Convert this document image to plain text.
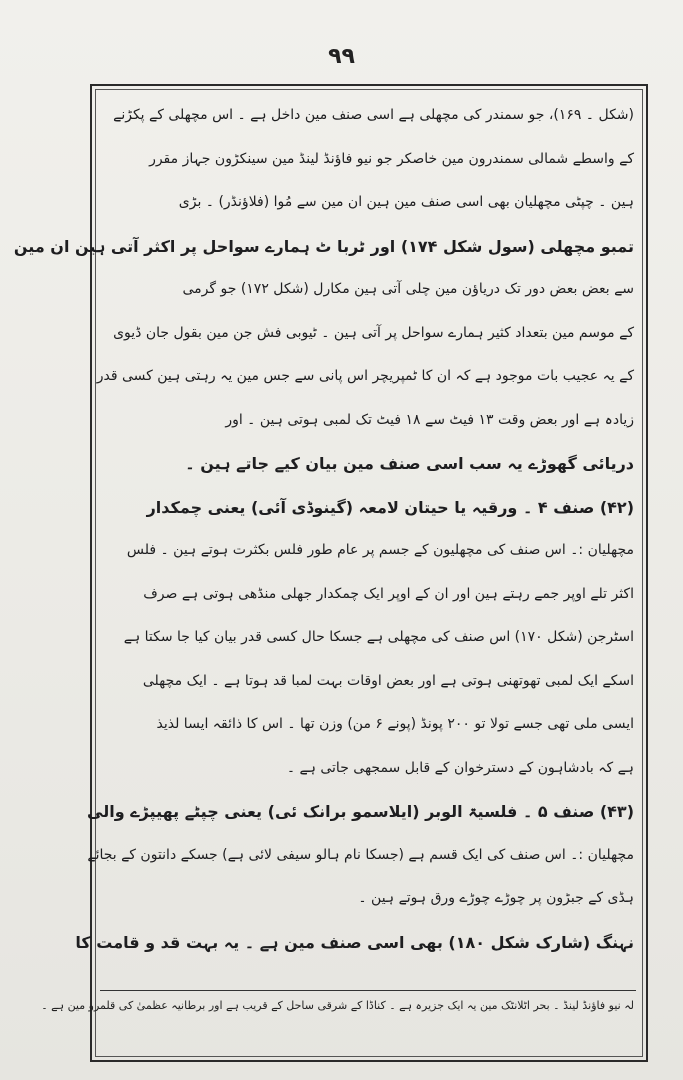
۹۹
(شکل ۔ ۱۶۹)، جو سمندر کی مچھلی ہے اسی صنف مین داخل ہے ۔ اس مچھلی کے پکڑنے
کے واسطے شمالی سمندرون مین خاصکر جو نیو فاؤنڈ لینڈ مین سینکڑون جہاز مقرر
ہین ۔ چپٹی مچھلیان بھی اسی صنف مین ہین ان مین سے مُوا (فلاؤنڈر) ۔ بڑی
تمبو مچھلی (سول شکل ۱۷۴) اور ٹربا ٹ ہمارے سواحل پر اکثر آتی ہین ان مین
سے بعض بعض دور تک دریاؤن مین چلی آتی ہین مکارل (شکل ۱۷۲) جو گرمی
کے موسم مین بتعداد کثیر ہمارے سواحل پر آتی ہین ۔ ٹیوبی فش جن مین بقول جان ڈیوی
کے یہ عجیب بات موجود ہے کہ ان کا ٹمپریچر اس پانی سے جس مین یہ رہتی ہین کسی قدر
زیادہ ہے اور بعض وقت ۱۳ فیٹ سے ۱۸ فیٹ تک لمبی ہوتی ہین ۔ اور
دریائی گھوڑے یہ سب اسی صنف مین بیان کیے جاتے ہین ۔
(۴۲) صنف ۴ ۔ ورقیہ یا حیتان لامعہ (گینوڈی آئی) یعنی چمکدار
مچھلیان :۔ اس صنف کی مچھلیون کے جسم پر عام طور فلس بکثرت ہوتے ہین ۔ فلس
اکثر تلے اوپر جمے رہتے ہین اور ان کے اوپر ایک چمکدار جھلی منڈھی ہوتی ہے صرف
اسٹرجن (شکل ۱۷۰) اس صنف کی مچھلی ہے جسکا حال کسی قدر بیان کیا جا سکتا ہے
اسکے ایک لمبی تھوتھنی ہوتی ہے اور بعض اوقات بہت لمبا قد ہوتا ہے ۔ ایک مچھلی
ایسی ملی تھی جسے تولا تو ۲۰۰ پونڈ (پونے ۶ من) وزن تھا ۔ اس کا ذائقہ ایسا لذیذ
ہے کہ بادشاہون کے دسترخوان کے قابل سمجھی جاتی ہے ۔
(۴۳) صنف ۵ ۔ فلسیۃ الوبر (ایلاسمو برانک ئی) یعنی چپٹے پھیپڑے والی
مچھلیان :۔ اس صنف کی ایک قسم ہے (جسکا نام ہالو سیفی لائی ہے) جسکے دانتون کے بجائے
ہڈی کے جبڑون پر چوڑے چوڑے ورق ہوتے ہین ۔
نہنگ (شارک شکل ۱۸۰) بھی اسی صنف مین ہے ۔ یہ بہت قد و قامت کا
لہ نیو فاؤنڈ لینڈ ۔ بحر اٹلانٹک مین یہ ایک جزیرہ ہے ۔ کناڈا کے شرقی ساحل کے قریب ہے اور برطانیہ عظمیٰ کی قلمرو مین ہے ۔
